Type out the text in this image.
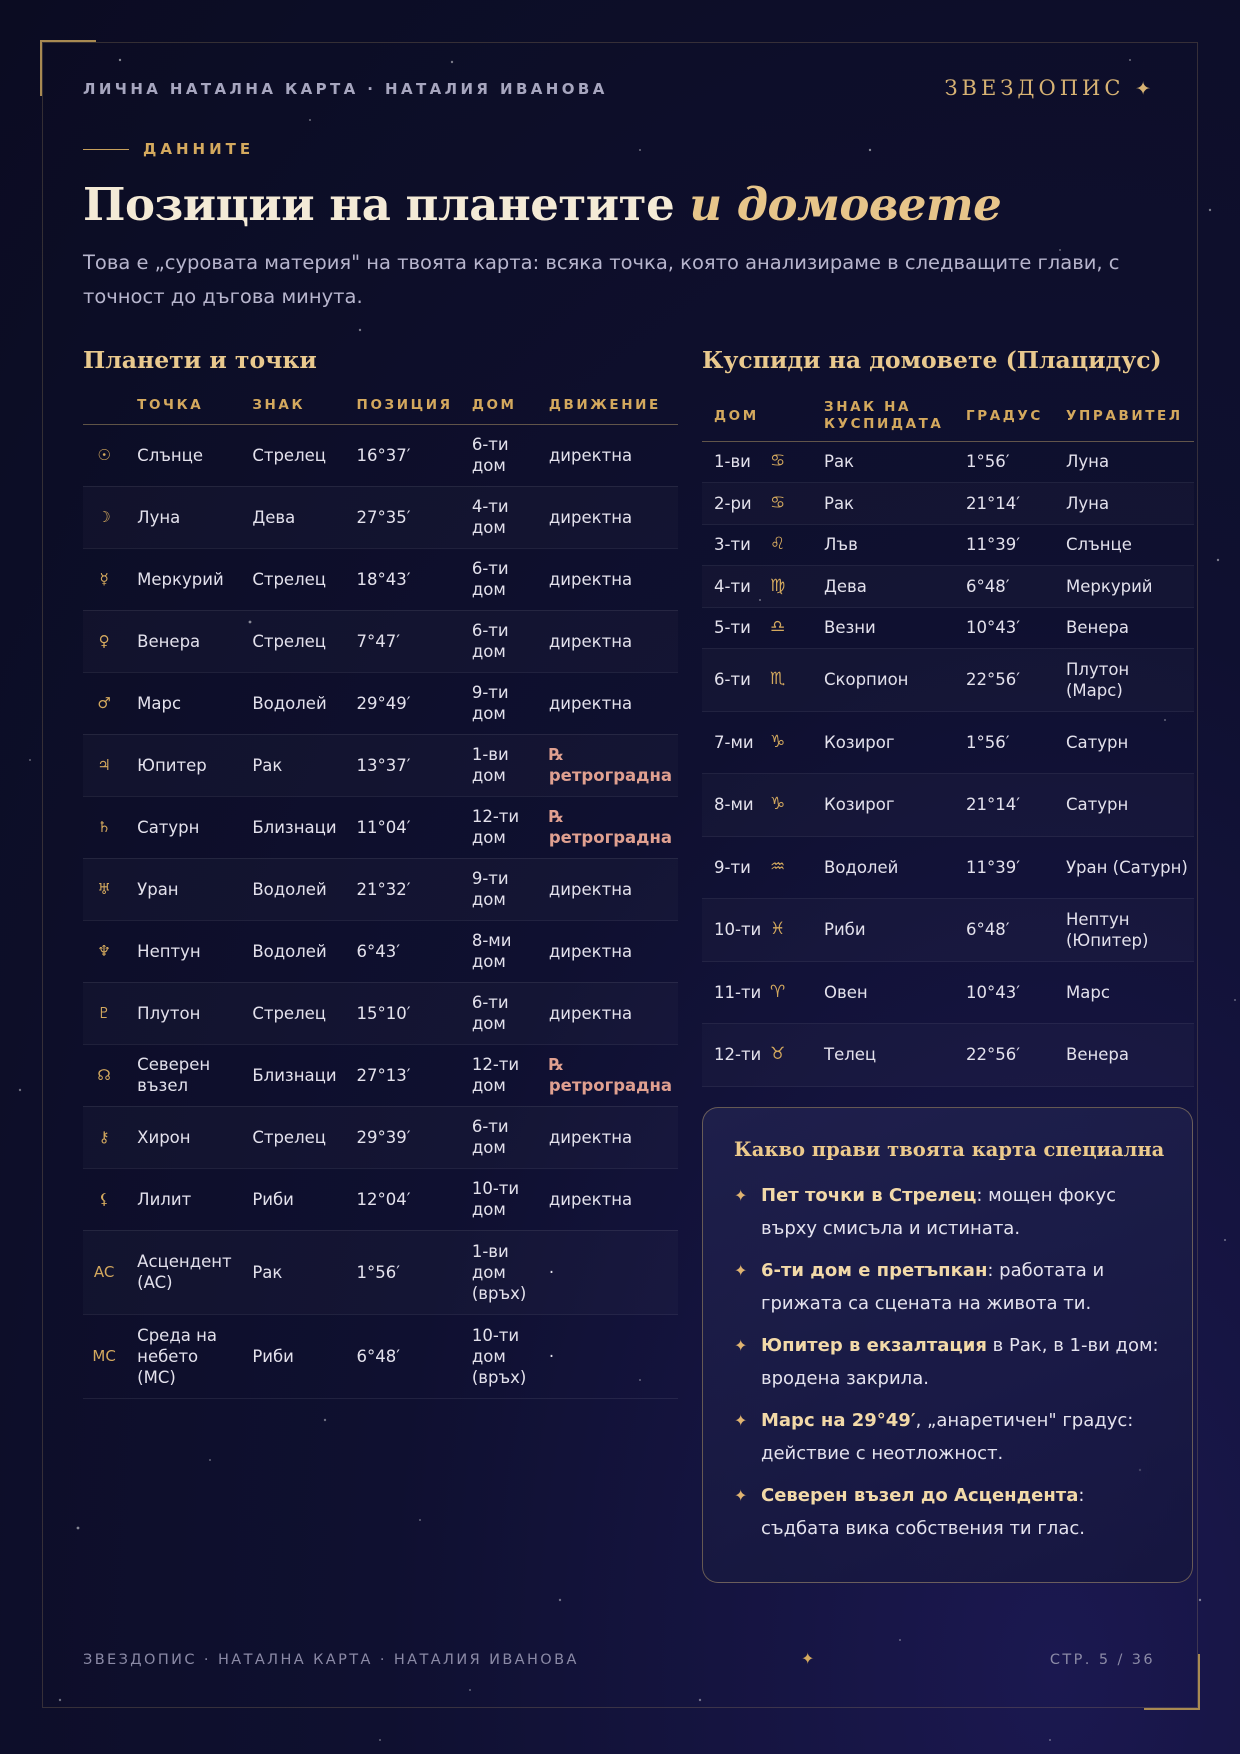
ЛИЧНА НАТАЛНА КАРТА · НАТАЛИЯ ИВАНОВА	ЗВЕЗДОПИС ✦
ДАННИТЕ
Позиции на планетите и домовете

Това е „суровата материя" на твоята карта: всяка точка, която анализираме в следващите глави, с точност до дъгова минута.

Планети и точки	Куспиди на домовете (Плацидус)
	ТОЧКА	ЗНАК	ПОЗИЦИЯ	ДОМ	ДВИЖЕНИЕ
☉	Слънце	Стрелец	16°37′	6-ти дом	директна
☽	Луна	Дева	27°35′	4-ти дом	директна
☿	Меркурий	Стрелец	18°43′	6-ти дом	директна
♀	Венера	Стрелец	7°47′	6-ти дом	директна
♂	Марс	Водолей	29°49′	9-ти дом	директна
♃	Юпитер	Рак	13°37′	1-ви дом	℞ ретроградна
♄	Сатурн	Близнаци	11°04′	12-ти дом	℞ ретроградна
♅	Уран	Водолей	21°32′	9-ти дом	директна
♆	Нептун	Водолей	6°43′	8-ми дом	директна
♇	Плутон	Стрелец	15°10′	6-ти дом	директна
☊	Северен възел	Близнаци	27°13′	12-ти дом	℞ ретроградна
⚷	Хирон	Стрелец	29°39′	6-ти дом	директна
⚸	Лилит	Риби	12°04′	10-ти дом	директна
AC	Асцендент (AC)	Рак	1°56′	1-ви дом (връх)	·
MC	Среда на небето (MC)	Риби	6°48′	10-ти дом (връх)	·
ДОМ		ЗНАК НА КУСПИДАТА	ГРАДУС	УПРАВИТЕЛ
1-ви	♋	Рак	1°56′	Луна
2-ри	♋	Рак	21°14′	Луна
3-ти	♌	Лъв	11°39′	Слънце
4-ти	♍	Дева	6°48′	Меркурий
5-ти	♎	Везни	10°43′	Венера
6-ти	♏	Скорпион	22°56′	Плутон (Марс)
7-ми	♑	Козирог	1°56′	Сатурн
8-ми	♑	Козирог	21°14′	Сатурн
9-ти	♒	Водолей	11°39′	Уран (Сатурн)
10-ти	♓	Риби	6°48′	Нептун (Юпитер)
11-ти	♈	Овен	10°43′	Марс
12-ти	♉	Телец	22°56′	Венера
Какво прави твоята карта специална
✦ Пет точки в Стрелец: мощен фокус върху смисъла и истината.
✦ 6-ти дом е претъпкан: работата и грижата са сцената на живота ти.
✦ Юпитер в екзалтация в Рак, в 1-ви дом: вродена закрила.
✦ Марс на 29°49′, „анаретичен" градус: действие с неотложност.
✦ Северен възел до Асцендента: съдбата вика собствения ти глас.
ЗВЕЗДОПИС · НАТАЛНА КАРТА · НАТАЛИЯ ИВАНОВА	✦	СТР. 5 / 36
